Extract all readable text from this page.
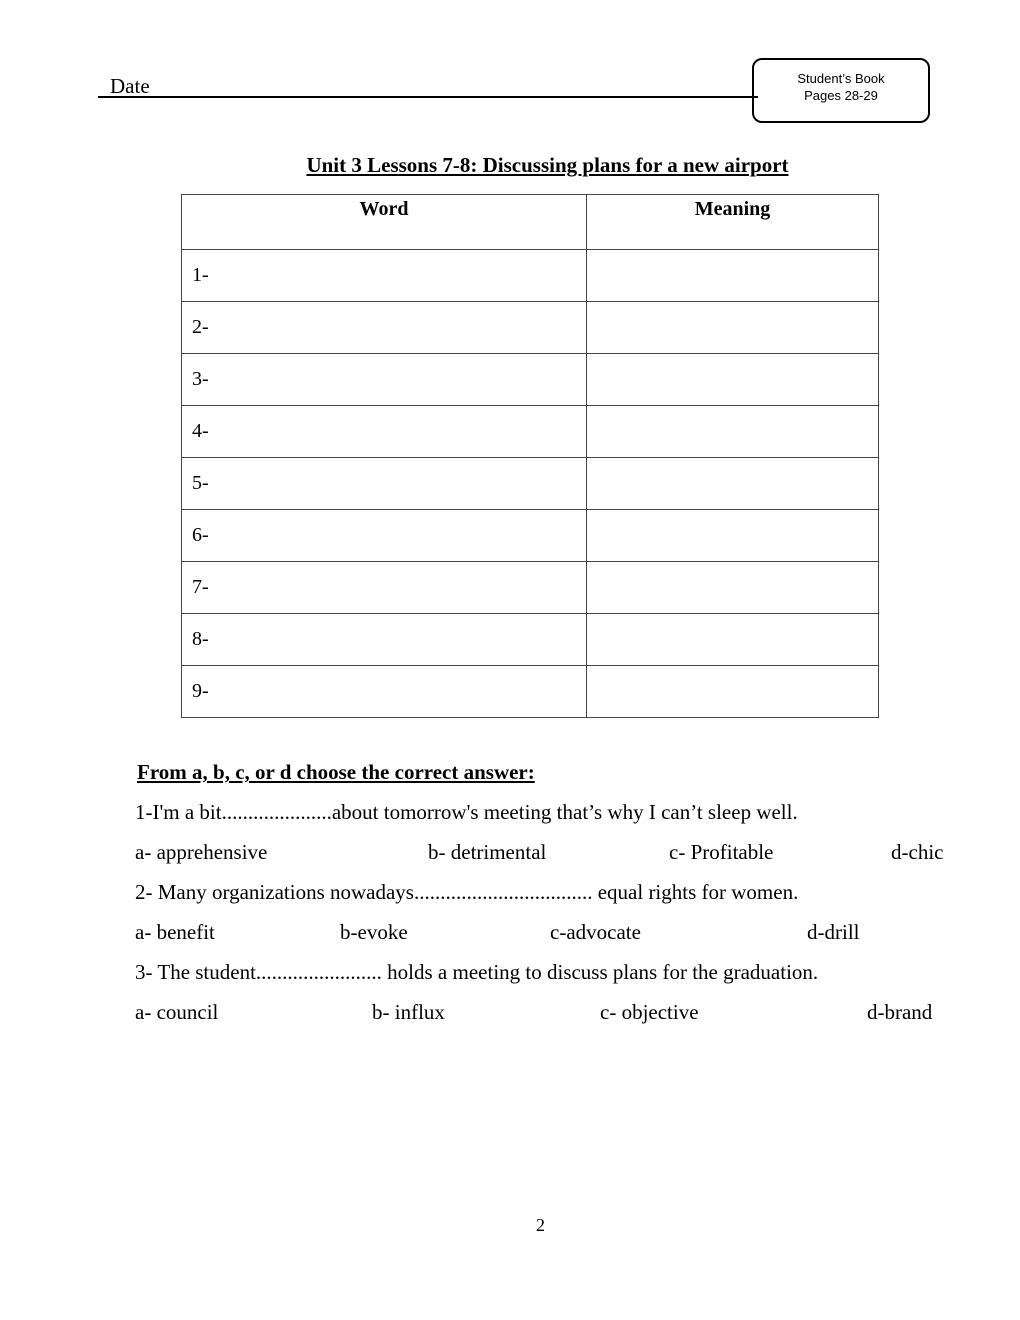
Date	Student’s Book
Pages 28-29
Unit 3 Lessons 7-8: Discussing plans for a new airport
Word	Meaning
1-	
2-	
3-	
4-	
5-	
6-	
7-	
8-	
9-	
From a, b, c, or d choose the correct answer:
1-I'm a bit.....................about tomorrow's meeting that’s why I can’t sleep well.
a- apprehensive	b- detrimental	c- Profitable	d-chic
2- Many organizations nowadays.................................. equal rights for women.
a- benefit	b-evoke	c-advocate	d-drill
3- The student........................ holds a meeting to discuss plans for the graduation.
a- council	b- influx	c- objective	d-brand
2
